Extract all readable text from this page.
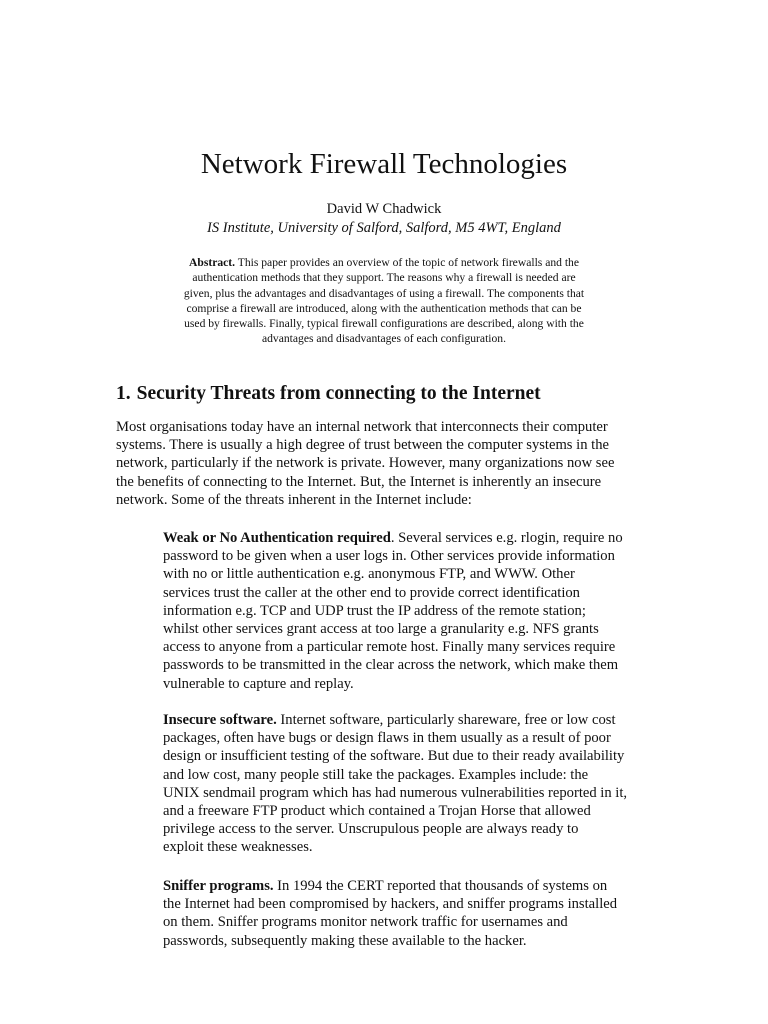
Network Firewall Technologies
David W Chadwick
IS Institute, University of Salford, Salford, M5 4WT, England
Abstract. This paper provides an overview of the topic of network firewalls and the
authentication methods that they support. The reasons why a firewall is needed are
given, plus the advantages and disadvantages of using a firewall. The components that
comprise a firewall are introduced, along with the authentication methods that can be
used by firewalls. Finally, typical firewall configurations are described, along with the
advantages and disadvantages of each configuration.
1. Security Threats from connecting to the Internet
Most organisations today have an internal network that interconnects their computer
systems. There is usually a high degree of trust between the computer systems in the
network, particularly if the network is private. However, many organizations now see
the benefits of connecting to the Internet. But, the Internet is inherently an insecure
network. Some of the threats inherent in the Internet include:
Weak or No Authentication required. Several services e.g. rlogin, require no
password to be given when a user logs in. Other services provide information
with no or little authentication e.g. anonymous FTP, and WWW. Other
services trust the caller at the other end to provide correct identification
information e.g. TCP and UDP trust the IP address of the remote station;
whilst other services grant access at too large a granularity e.g. NFS grants
access to anyone from a particular remote host. Finally many services require
passwords to be transmitted in the clear across the network, which make them
vulnerable to capture and replay.
Insecure software. Internet software, particularly shareware, free or low cost
packages, often have bugs or design flaws in them usually as a result of poor
design or insufficient testing of the software. But due to their ready availability
and low cost, many people still take the packages. Examples include: the
UNIX sendmail program which has had numerous vulnerabilities reported in it,
and a freeware FTP product which contained a Trojan Horse that allowed
privilege access to the server. Unscrupulous people are always ready to
exploit these weaknesses.
Sniffer programs. In 1994 the CERT reported that thousands of systems on
the Internet had been compromised by hackers, and sniffer programs installed
on them. Sniffer programs monitor network traffic for usernames and
passwords, subsequently making these available to the hacker.
